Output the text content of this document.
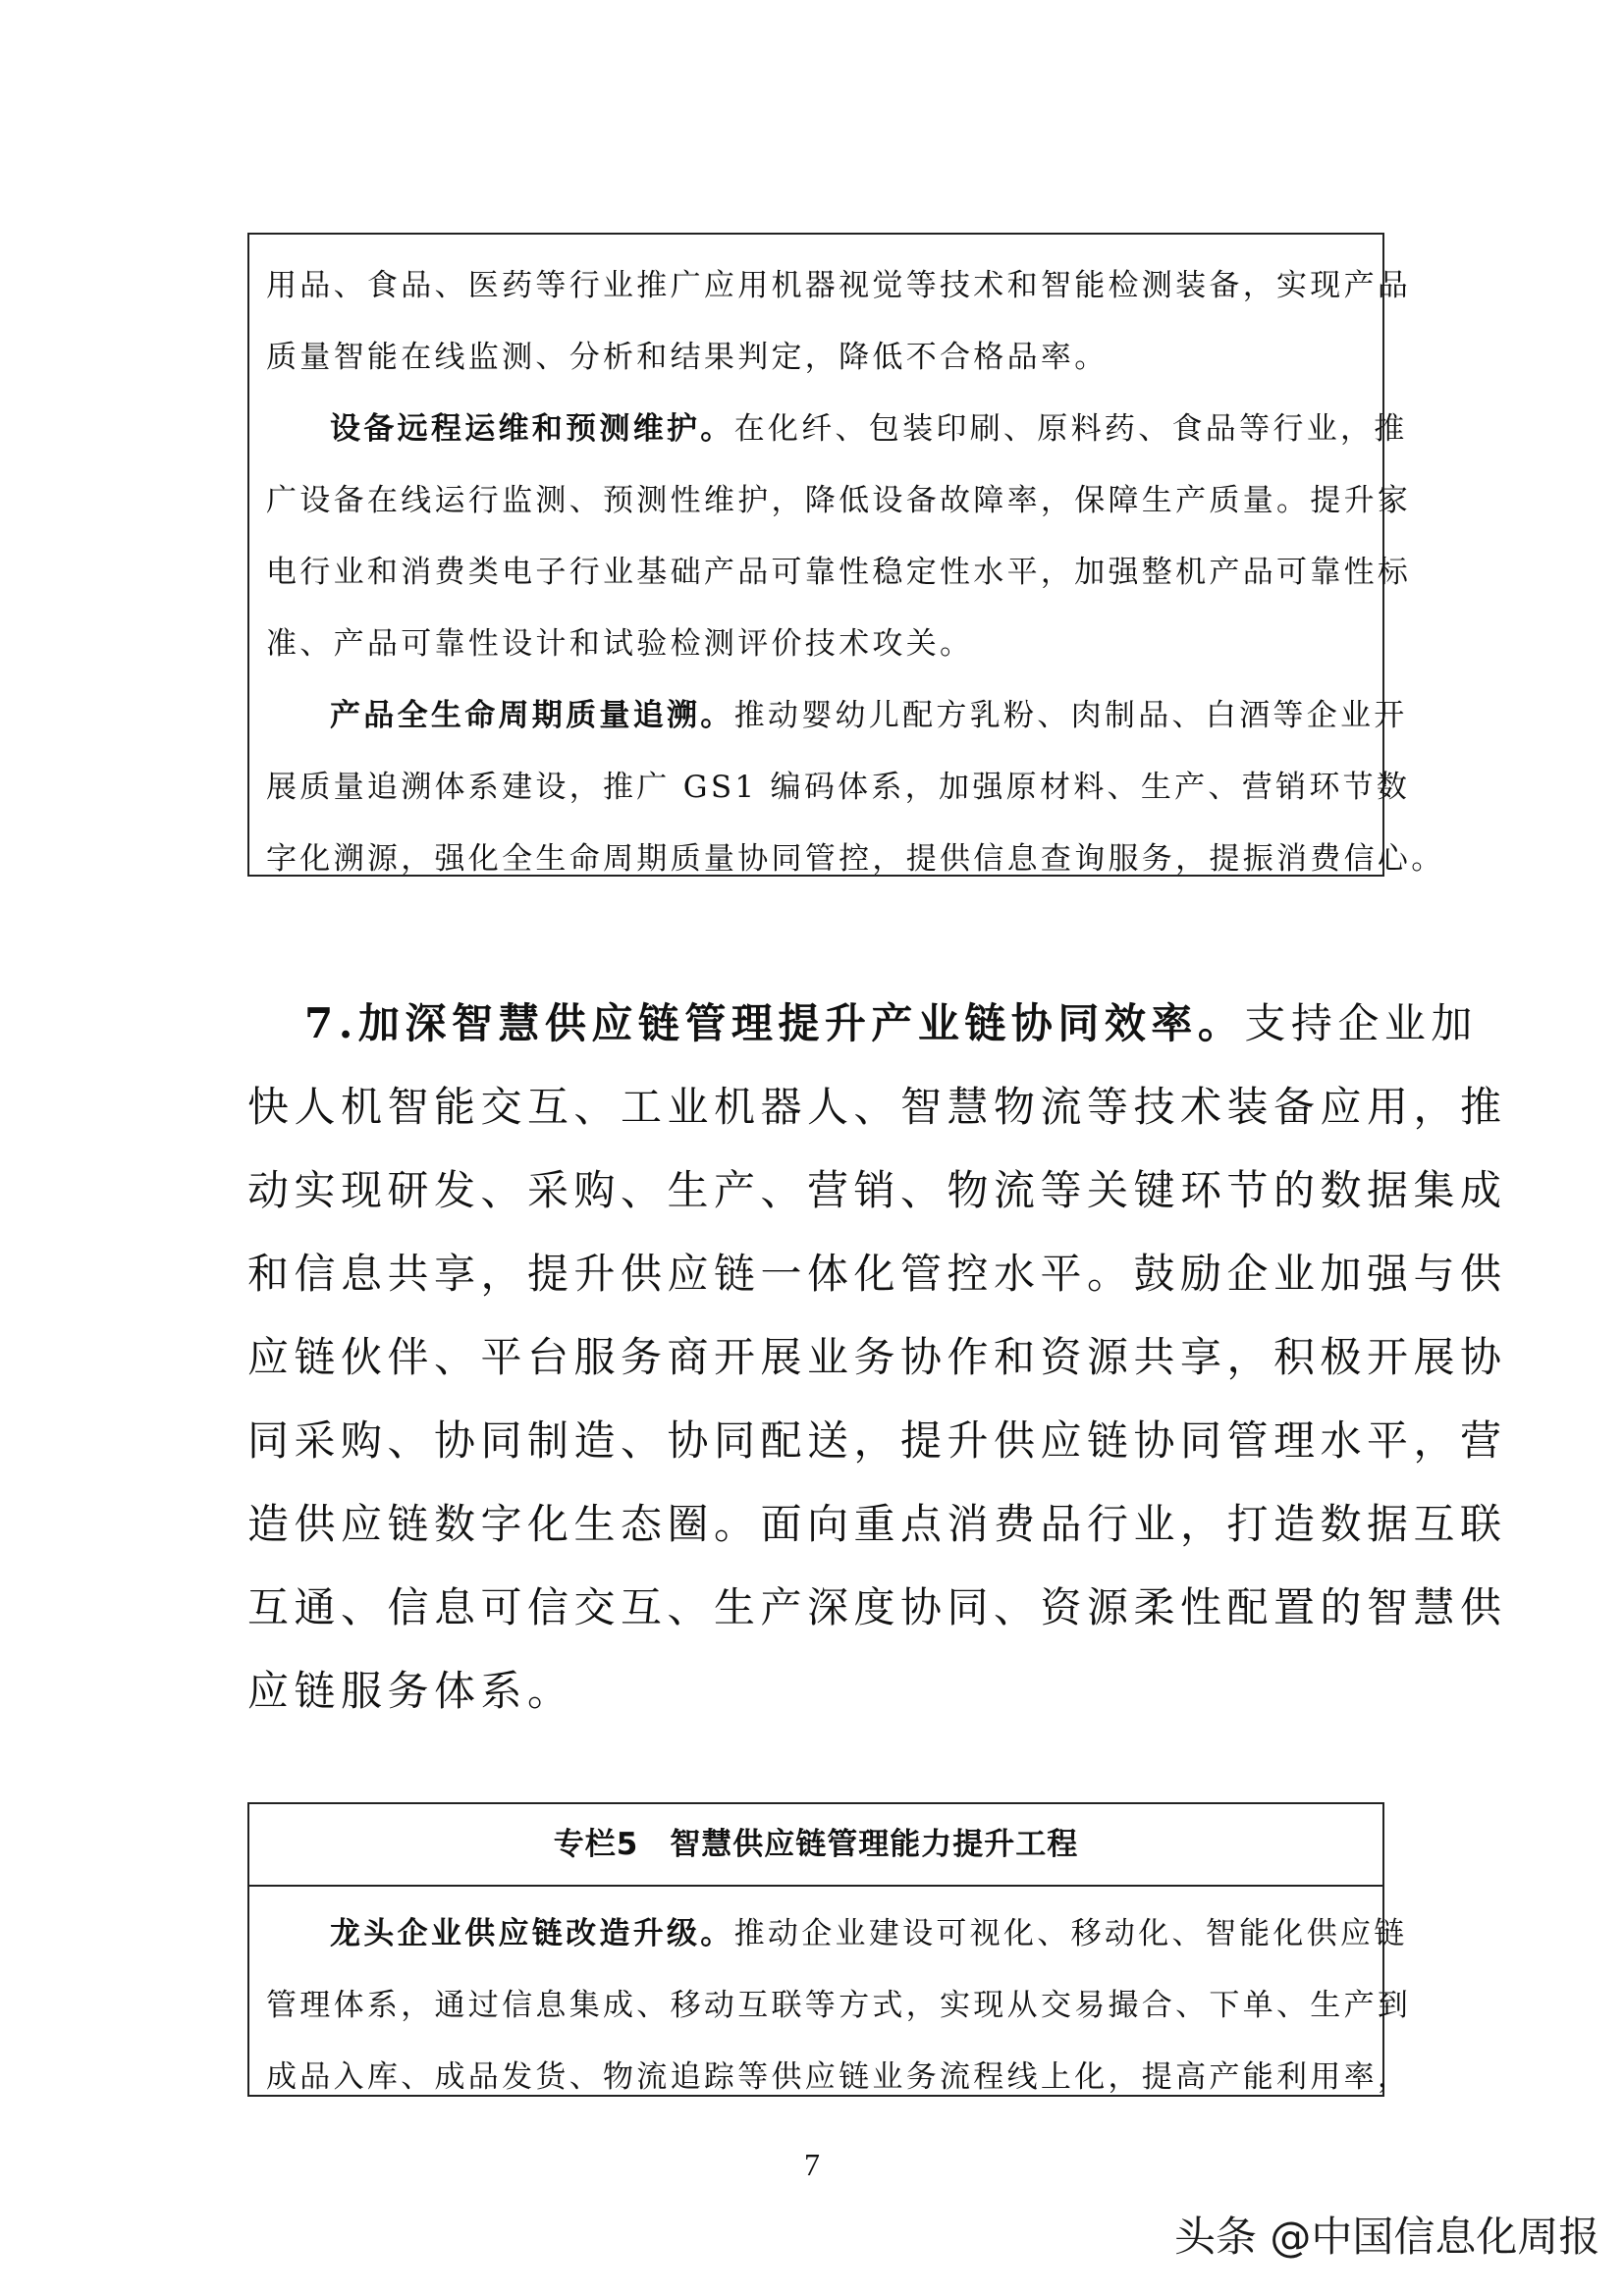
用品、食品、医药等行业推广应用机器视觉等技术和智能检测装备，实现产品

质量智能在线监测、分析和结果判定，降低不合格品率。

设备远程运维和预测维护。在化纤、包装印刷、原料药、食品等行业，推

广设备在线运行监测、预测性维护，降低设备故障率，保障生产质量。提升家

电行业和消费类电子行业基础产品可靠性稳定性水平，加强整机产品可靠性标

准、产品可靠性设计和试验检测评价技术攻关。

产品全生命周期质量追溯。推动婴幼儿配方乳粉、肉制品、白酒等企业开

展质量追溯体系建设，推广 GS1 编码体系，加强原材料、生产、营销环节数

字化溯源，强化全生命周期质量协同管控，提供信息查询服务，提振消费信心。

7.加深智慧供应链管理提升产业链协同效率。支持企业加

快人机智能交互、工业机器人、智慧物流等技术装备应用，推

动实现研发、采购、生产、营销、物流等关键环节的数据集成

和信息共享，提升供应链一体化管控水平。鼓励企业加强与供

应链伙伴、平台服务商开展业务协作和资源共享，积极开展协

同采购、协同制造、协同配送，提升供应链协同管理水平，营

造供应链数字化生态圈。面向重点消费品行业，打造数据互联

互通、信息可信交互、生产深度协同、资源柔性配置的智慧供

应链服务体系。

专栏5　智慧供应链管理能力提升工程

龙头企业供应链改造升级。推动企业建设可视化、移动化、智能化供应链

管理体系，通过信息集成、移动互联等方式，实现从交易撮合、下单、生产到

成品入库、成品发货、物流追踪等供应链业务流程线上化，提高产能利用率，

7
头条 @中国信息化周报
